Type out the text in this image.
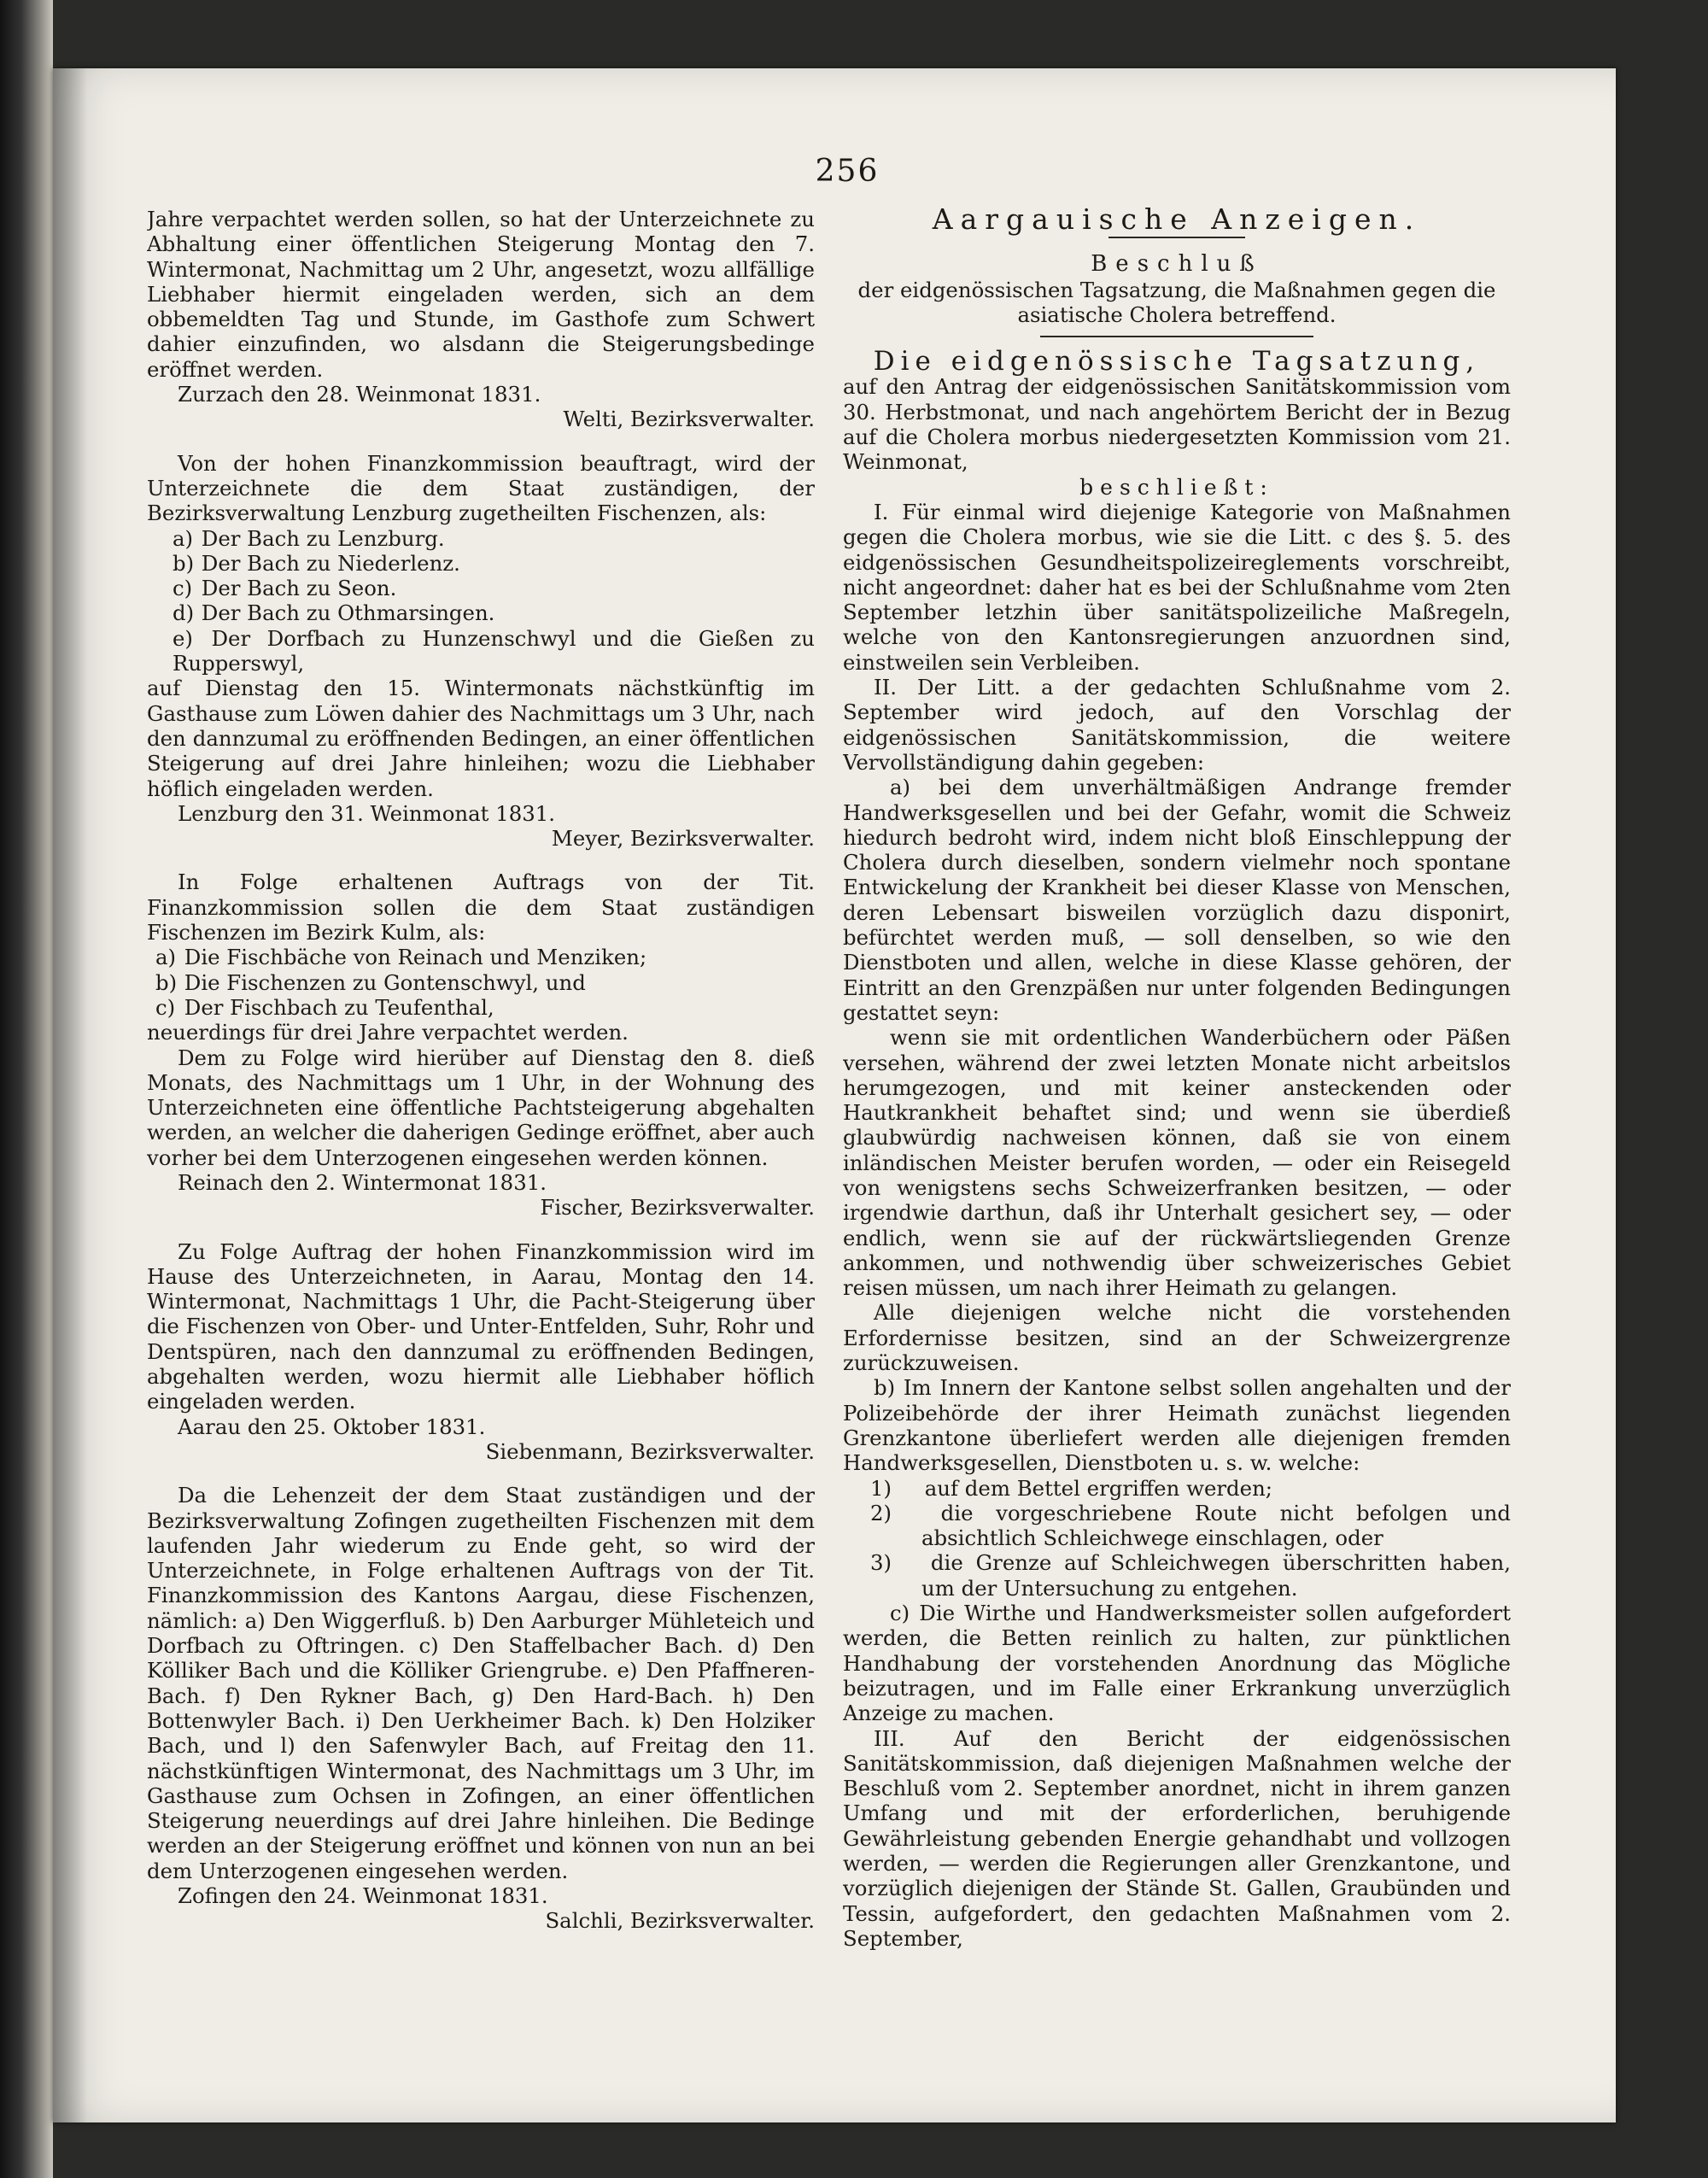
256

Jahre verpachtet werden sollen, so hat der Unterzeichnete zu Abhaltung einer öffentlichen Steigerung Montag den 7. Wintermonat, Nachmittag um 2 Uhr, angesetzt, wozu allfällige Liebhaber hiermit eingeladen werden, sich an dem obbemeldten Tag und Stunde, im Gasthofe zum Schwert dahier einzufinden, wo alsdann die Steigerungsbedinge eröffnet werden.

Zurzach den 28. Weinmonat 1831.

Welti, Bezirksverwalter.

Von der hohen Finanzkommission beauftragt, wird der Unterzeichnete die dem Staat zuständigen, der Bezirksverwaltung Lenzburg zugetheilten Fischenzen, als:

a) Der Bach zu Lenzburg.

b) Der Bach zu Niederlenz.

c) Der Bach zu Seon.

d) Der Bach zu Othmarsingen.

e) Der Dorfbach zu Hunzenschwyl und die Gießen zu Rupperswyl,

auf Dienstag den 15. Wintermonats nächstkünftig im Gasthause zum Löwen dahier des Nachmittags um 3 Uhr, nach den dannzumal zu eröffnenden Bedingen, an einer öffentlichen Steigerung auf drei Jahre hinleihen; wozu die Liebhaber höflich eingeladen werden.

Lenzburg den 31. Weinmonat 1831.

Meyer, Bezirksverwalter.

In Folge erhaltenen Auftrags von der Tit. Finanzkommission sollen die dem Staat zuständigen Fischenzen im Bezirk Kulm, als:

a) Die Fischbäche von Reinach und Menziken;

b) Die Fischenzen zu Gontenschwyl, und

c) Der Fischbach zu Teufenthal,

neuerdings für drei Jahre verpachtet werden.

Dem zu Folge wird hierüber auf Dienstag den 8. dieß Monats, des Nachmittags um 1 Uhr, in der Wohnung des Unterzeichneten eine öffentliche Pachtsteigerung abgehalten werden, an welcher die daherigen Gedinge eröffnet, aber auch vorher bei dem Unterzogenen eingesehen werden können.

Reinach den 2. Wintermonat 1831.

Fischer, Bezirksverwalter.

Zu Folge Auftrag der hohen Finanzkommission wird im Hause des Unterzeichneten, in Aarau, Montag den 14. Wintermonat, Nachmittags 1 Uhr, die Pacht-Steigerung über die Fischenzen von Ober- und Unter-Entfelden, Suhr, Rohr und Dentspüren, nach den dannzumal zu eröffnenden Bedingen, abgehalten werden, wozu hiermit alle Liebhaber höflich eingeladen werden.

Aarau den 25. Oktober 1831.

Siebenmann, Bezirksverwalter.

Da die Lehenzeit der dem Staat zuständigen und der Bezirksverwaltung Zofingen zugetheilten Fischenzen mit dem laufenden Jahr wiederum zu Ende geht, so wird der Unterzeichnete, in Folge erhaltenen Auftrags von der Tit. Finanzkommission des Kantons Aargau, diese Fischenzen, nämlich: a) Den Wiggerfluß. b) Den Aarburger Mühleteich und Dorfbach zu Oftringen. c) Den Staffelbacher Bach. d) Den Kölliker Bach und die Kölliker Griengrube. e) Den Pfaffneren-Bach. f) Den Rykner Bach, g) Den Hard-Bach. h) Den Bottenwyler Bach. i) Den Uerkheimer Bach. k) Den Holziker Bach, und l) den Safenwyler Bach, auf Freitag den 11. nächstkünftigen Wintermonat, des Nachmittags um 3 Uhr, im Gasthause zum Ochsen in Zofingen, an einer öffentlichen Steigerung neuerdings auf drei Jahre hinleihen. Die Bedinge werden an der Steigerung eröffnet und können von nun an bei dem Unterzogenen eingesehen werden.

Zofingen den 24. Weinmonat 1831.

Salchli, Bezirksverwalter.

Aargauische Anzeigen.

Beschluß

der eidgenössischen Tagsatzung, die Maßnahmen gegen die asiatische Cholera betreffend.

Die eidgenössische Tagsatzung,

auf den Antrag der eidgenössischen Sanitätskommission vom 30. Herbstmonat, und nach angehörtem Bericht der in Bezug auf die Cholera morbus niedergesetzten Kommission vom 21. Weinmonat,

beschließt:

I. Für einmal wird diejenige Kategorie von Maßnahmen gegen die Cholera morbus, wie sie die Litt. c des §. 5. des eidgenössischen Gesundheitspolizeireglements vorschreibt, nicht angeordnet: daher hat es bei der Schlußnahme vom 2ten September letzhin über sanitätspolizeiliche Maßregeln, welche von den Kantonsregierungen anzuordnen sind, einstweilen sein Verbleiben.

II. Der Litt. a der gedachten Schlußnahme vom 2. September wird jedoch, auf den Vorschlag der eidgenössischen Sanitätskommission, die weitere Vervollständigung dahin gegeben:

a) bei dem unverhältmäßigen Andrange fremder Handwerksgesellen und bei der Gefahr, womit die Schweiz hiedurch bedroht wird, indem nicht bloß Einschleppung der Cholera durch dieselben, sondern vielmehr noch spontane Entwickelung der Krankheit bei dieser Klasse von Menschen, deren Lebensart bisweilen vorzüglich dazu disponirt, befürchtet werden muß, — soll denselben, so wie den Dienstboten und allen, welche in diese Klasse gehören, der Eintritt an den Grenzpäßen nur unter folgenden Bedingungen gestattet seyn:

wenn sie mit ordentlichen Wanderbüchern oder Päßen versehen, während der zwei letzten Monate nicht arbeitslos herumgezogen, und mit keiner ansteckenden oder Hautkrankheit behaftet sind; und wenn sie überdieß glaubwürdig nachweisen können, daß sie von einem inländischen Meister berufen worden, — oder ein Reisegeld von wenigstens sechs Schweizerfranken besitzen, — oder irgendwie darthun, daß ihr Unterhalt gesichert sey, — oder endlich, wenn sie auf der rückwärtsliegenden Grenze ankommen, und nothwendig über schweizerisches Gebiet reisen müssen, um nach ihrer Heimath zu gelangen.

Alle diejenigen welche nicht die vorstehenden Erfordernisse besitzen, sind an der Schweizergrenze zurückzuweisen.

b) Im Innern der Kantone selbst sollen angehalten und der Polizeibehörde der ihrer Heimath zunächst liegenden Grenzkantone überliefert werden alle diejenigen fremden Handwerksgesellen, Dienstboten u. s. w. welche:

1) auf dem Bettel ergriffen werden;

2) die vorgeschriebene Route nicht befolgen und absichtlich Schleichwege einschlagen, oder

3) die Grenze auf Schleichwegen überschritten haben, um der Untersuchung zu entgehen.

c) Die Wirthe und Handwerksmeister sollen aufgefordert werden, die Betten reinlich zu halten, zur pünktlichen Handhabung der vorstehenden Anordnung das Mögliche beizutragen, und im Falle einer Erkrankung unverzüglich Anzeige zu machen.

III. Auf den Bericht der eidgenössischen Sanitätskommission, daß diejenigen Maßnahmen welche der Beschluß vom 2. September anordnet, nicht in ihrem ganzen Umfang und mit der erforderlichen, beruhigende Gewährleistung gebenden Energie gehandhabt und vollzogen werden, — werden die Regierungen aller Grenzkantone, und vorzüglich diejenigen der Stände St. Gallen, Graubünden und Tessin, aufgefordert, den gedachten Maßnahmen vom 2. September,
